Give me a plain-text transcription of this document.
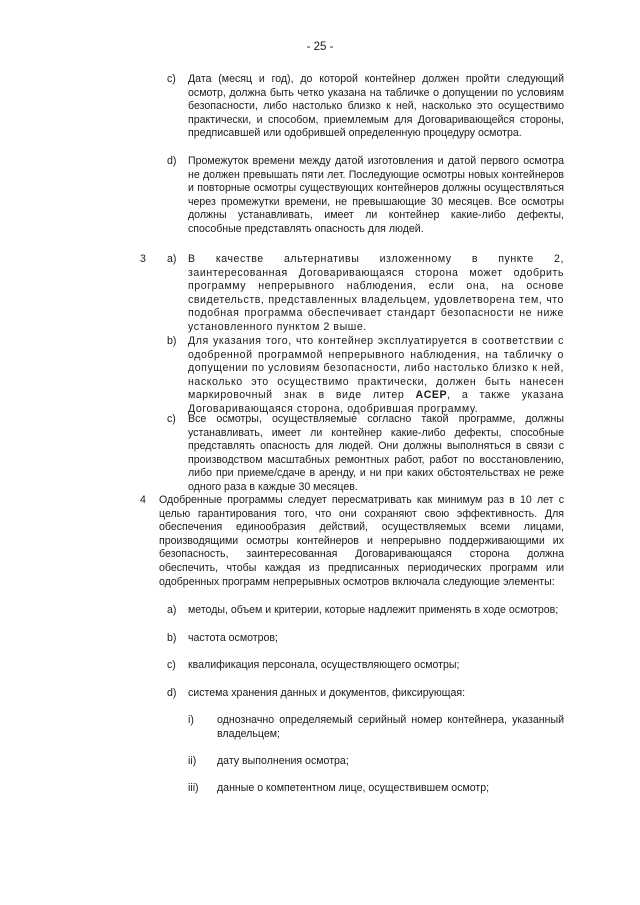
- 25 -
c) Дата (месяц и год), до которой контейнер должен пройти следующий осмотр, должна быть четко указана на табличке о допущении по условиям безопасности, либо настолько близко к ней, насколько это осуществимо практически, и способом, приемлемым для Договаривающейся стороны, предписавшей или одобрившей определенную процедуру осмотра.
d) Промежуток времени между датой изготовления и датой первого осмотра не должен превышать пяти лет. Последующие осмотры новых контейнеров и повторные осмотры существующих контейнеров должны осуществляться через промежутки времени, не превышающие 30 месяцев. Все осмотры должны устанавливать, имеет ли контейнер какие-либо дефекты, способные представлять опасность для людей.
3 a) В качестве альтернативы изложенному в пункте 2, заинтересованная Договаривающаяся сторона может одобрить программу непрерывного наблюдения, если она, на основе свидетельств, представленных владельцем, удовлетворена тем, что подобная программа обеспечивает стандарт безопасности не ниже установленного пунктом 2 выше.
b) Для указания того, что контейнер эксплуатируется в соответствии с одобренной программой непрерывного наблюдения, на табличку о допущении по условиям безопасности, либо настолько близко к ней, насколько это осуществимо практически, должен быть нанесен маркировочный знак в виде литер ACEP, а также указана Договаривающаяся сторона, одобрившая программу.
c) Все осмотры, осуществляемые согласно такой программе, должны устанавливать, имеет ли контейнер какие-либо дефекты, способные представлять опасность для людей. Они должны выполняться в связи с производством масштабных ремонтных работ, работ по восстановлению, либо при приеме/сдаче в аренду, и ни при каких обстоятельствах не реже одного раза в каждые 30 месяцев.
4 Одобренные программы следует пересматривать как минимум раз в 10 лет с целью гарантирования того, что они сохраняют свою эффективность. Для обеспечения единообразия действий, осуществляемых всеми лицами, производящими осмотры контейнеров и непрерывно поддерживающими их безопасность, заинтересованная Договаривающаяся сторона должна обеспечить, чтобы каждая из предписанных периодических программ или одобренных программ непрерывных осмотров включала следующие элементы:
a) методы, объем и критерии, которые надлежит применять в ходе осмотров;
b) частота осмотров;
c) квалификация персонала, осуществляющего осмотры;
d) система хранения данных и документов, фиксирующая:
i) однозначно определяемый серийный номер контейнера, указанный владельцем;
ii) дату выполнения осмотра;
iii) данные о компетентном лице, осуществившем осмотр;
